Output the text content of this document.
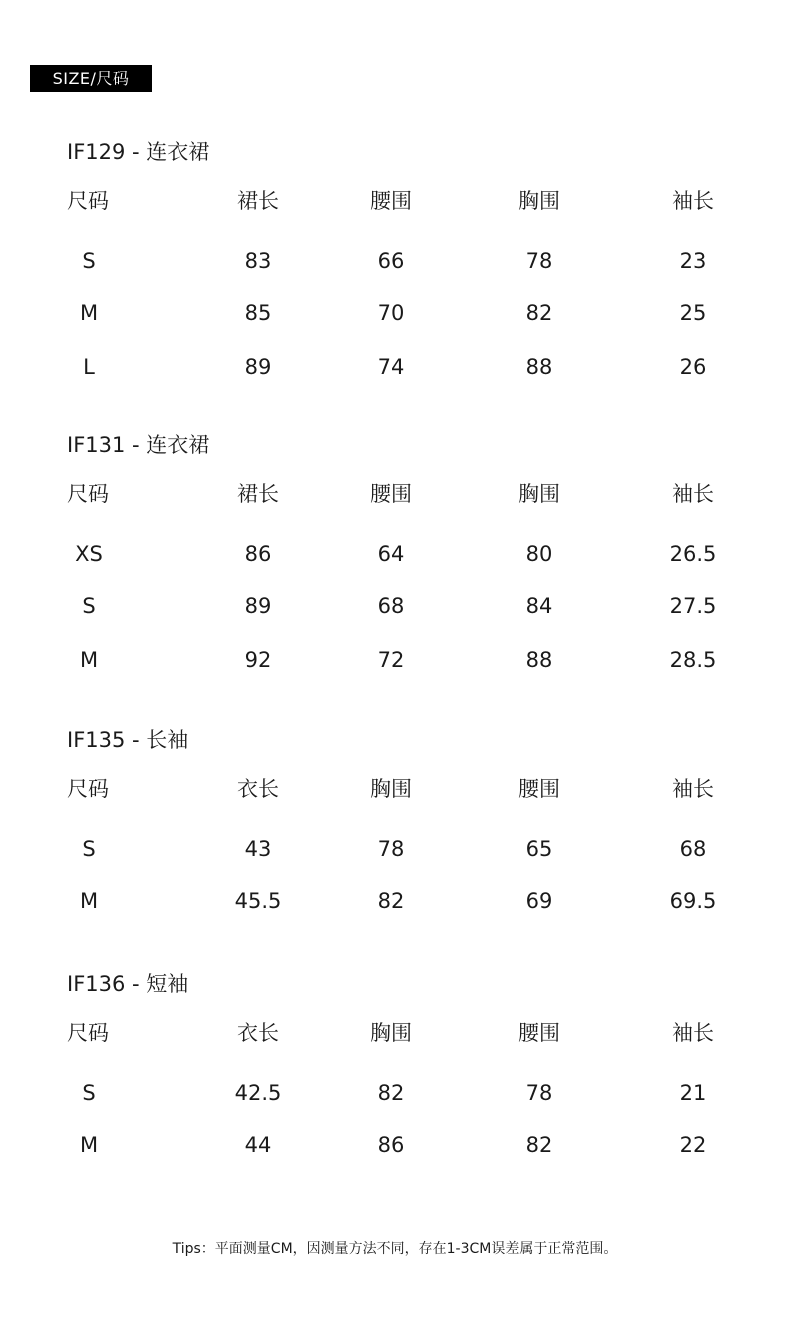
SIZE/尺码
IF129 - 连衣裙
尺码	裙长	腰围	胸围	袖长
S	83	66	78	23
M	85	70	82	25
L	89	74	88	26
IF131 - 连衣裙
尺码	裙长	腰围	胸围	袖长
XS	86	64	80	26.5
S	89	68	84	27.5
M	92	72	88	28.5
IF135 - 长袖
尺码	衣长	胸围	腰围	袖长
S	43	78	65	68
M	45.5	82	69	69.5
IF136 - 短袖
尺码	衣长	胸围	腰围	袖长
S	42.5	82	78	21
M	44	86	82	22
Tips：平面测量CM，因测量方法不同，存在1-3CM误差属于正常范围。
